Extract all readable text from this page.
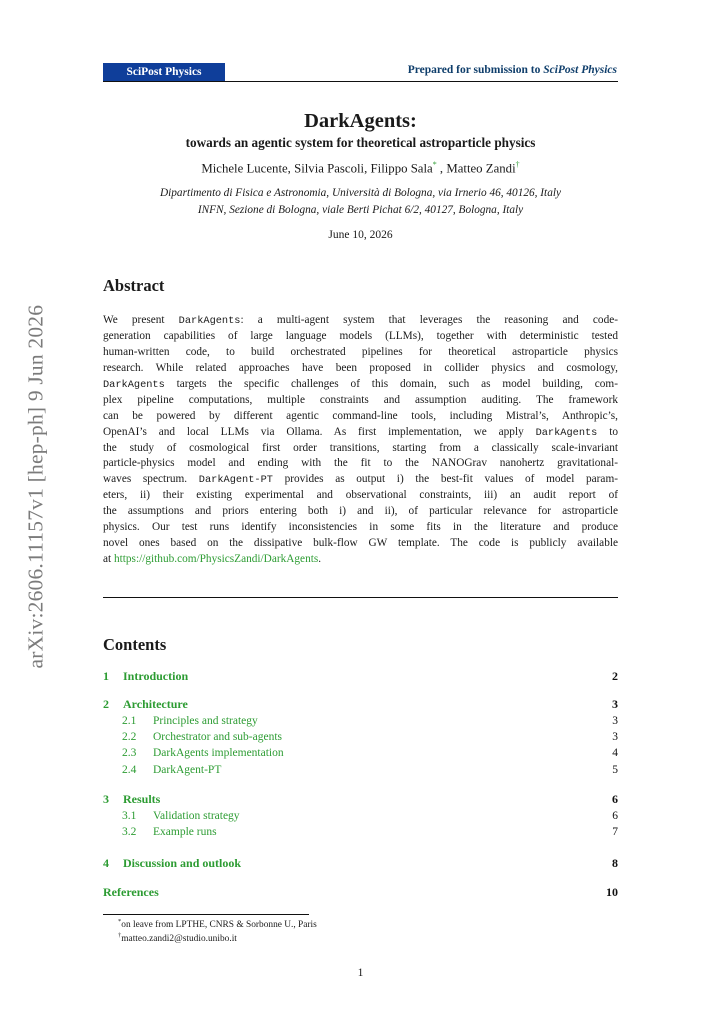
arXiv:2606.11157v1 [hep-ph] 9 Jun 2026
SciPost Physics	Prepared for submission to SciPost Physics
DarkAgents:
towards an agentic system for theoretical astroparticle physics
Michele Lucente, Silvia Pascoli, Filippo Sala* , Matteo Zandi†
Dipartimento di Fisica e Astronomia, Università di Bologna, via Irnerio 46, 40126, Italy
INFN, Sezione di Bologna, viale Berti Pichat 6/2, 40127, Bologna, Italy
June 10, 2026
Abstract
We present DarkAgents: a multi-agent system that leverages the reasoning and code-
generation capabilities of large language models (LLMs), together with deterministic tested
human-written code, to build orchestrated pipelines for theoretical astroparticle physics
research. While related approaches have been proposed in collider physics and cosmology,
DarkAgents targets the specific challenges of this domain, such as model building, com-
plex pipeline computations, multiple constraints and assumption auditing. The framework
can be powered by different agentic command-line tools, including Mistral’s, Anthropic’s,
OpenAI’s and local LLMs via Ollama. As first implementation, we apply DarkAgents to
the study of cosmological first order transitions, starting from a classically scale-invariant
particle-physics model and ending with the fit to the NANOGrav nanohertz gravitational-
waves spectrum. DarkAgent-PT provides as output i) the best-fit values of model param-
eters, ii) their existing experimental and observational constraints, iii) an audit report of
the assumptions and priors entering both i) and ii), of particular relevance for astroparticle
physics. Our test runs identify inconsistencies in some fits in the literature and produce
novel ones based on the dissipative bulk-flow GW template. The code is publicly available
at https://github.com/PhysicsZandi/DarkAgents.
Contents
1 Introduction	2
2 Architecture	3
2.1 Principles and strategy	3
2.2 Orchestrator and sub-agents	3
2.3 DarkAgents implementation	4
2.4 DarkAgent-PT	5
3 Results	6
3.1 Validation strategy	6
3.2 Example runs	7
4 Discussion and outlook	8
References	10
*on leave from LPTHE, CNRS & Sorbonne U., Paris
†matteo.zandi2@studio.unibo.it
1
